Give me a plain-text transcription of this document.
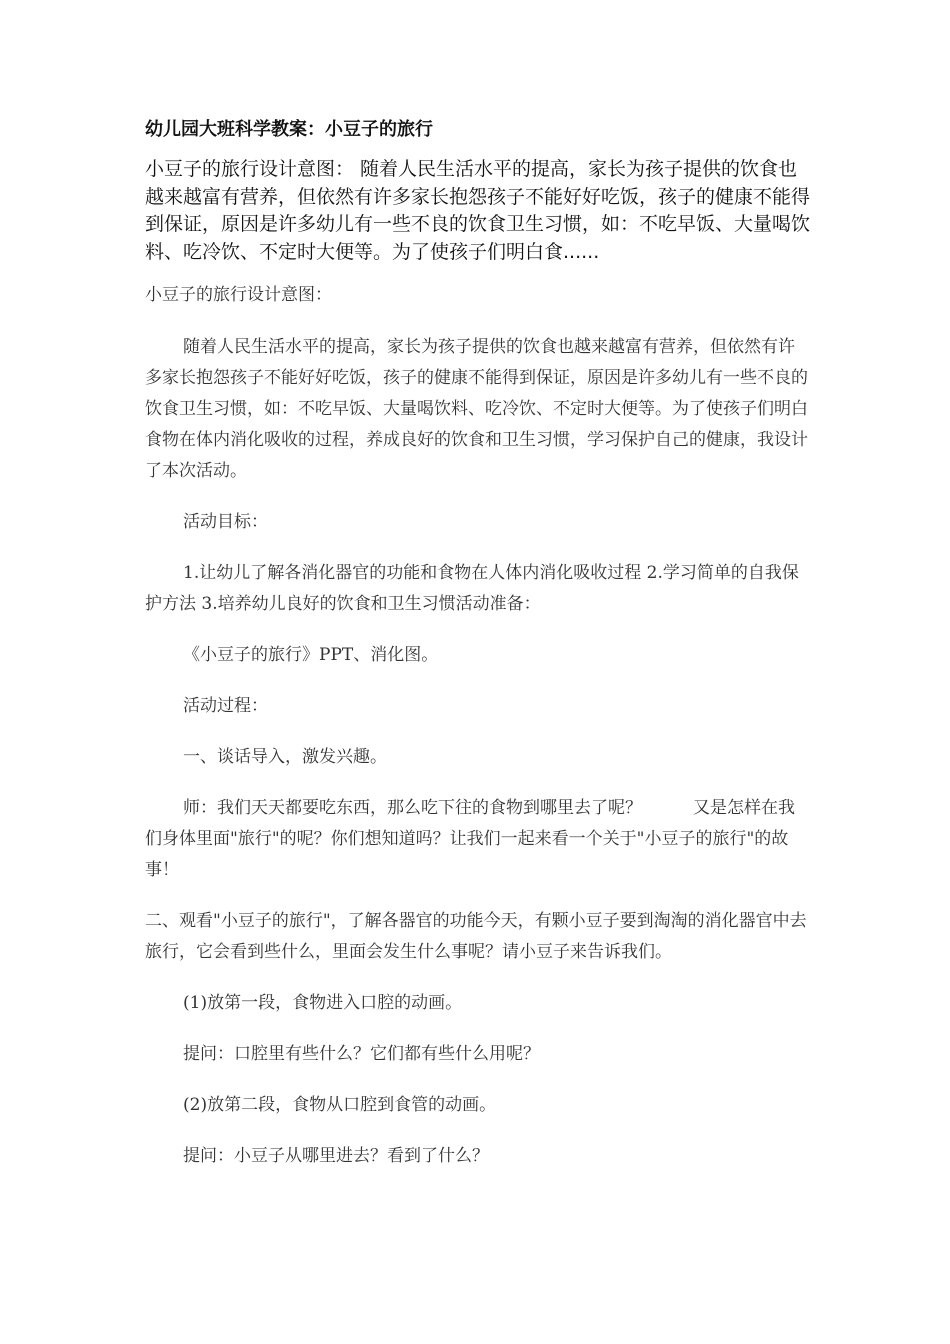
幼儿园大班科学教案：小豆子的旅行

小豆子的旅行设计意图： 随着人民生活水平的提高，家长为孩子提供的饮食也越来越富有营养，但依然有许多家长抱怨孩子不能好好吃饭，孩子的健康不能得到保证，原因是许多幼儿有一些不良的饮食卫生习惯，如：不吃早饭、大量喝饮料、吃冷饮、不定时大便等。为了使孩子们明白食......

小豆子的旅行设计意图：

随着人民生活水平的提高，家长为孩子提供的饮食也越来越富有营养，但依然有许多家长抱怨孩子不能好好吃饭，孩子的健康不能得到保证，原因是许多幼儿有一些不良的饮食卫生习惯，如：不吃早饭、大量喝饮料、吃冷饮、不定时大便等。为了使孩子们明白食物在体内消化吸收的过程，养成良好的饮食和卫生习惯，学习保护自己的健康，我设计了本次活动。

活动目标：

1.让幼儿了解各消化器官的功能和食物在人体内消化吸收过程 2.学习简单的自我保护方法 3.培养幼儿良好的饮食和卫生习惯活动准备：

《小豆子的旅行》PPT、消化图。

活动过程：

一、谈话导入，激发兴趣。

师：我们天天都要吃东西，那么吃下往的食物到哪里去了呢？　　　又是怎样在我们身体里面"旅行"的呢？你们想知道吗？让我们一起来看一个关于"小豆子的旅行"的故事！

二、观看"小豆子的旅行"，了解各器官的功能今天，有颗小豆子要到淘淘的消化器官中去旅行，它会看到些什么，里面会发生什么事呢？请小豆子来告诉我们。

(1)放第一段，食物进入口腔的动画。

提问：口腔里有些什么？它们都有些什么用呢？

(2)放第二段，食物从口腔到食管的动画。

提问：小豆子从哪里进去？看到了什么？
